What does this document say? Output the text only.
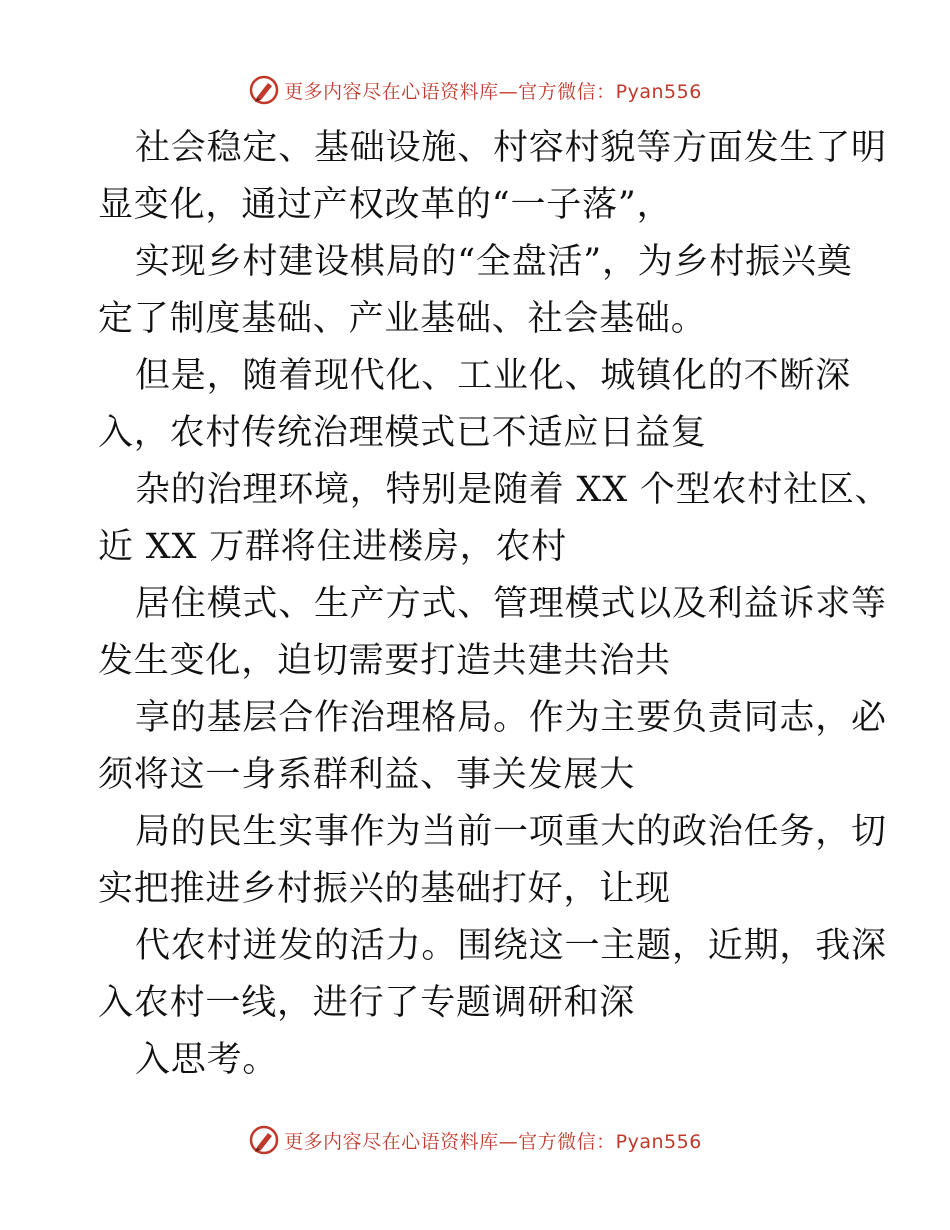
更多内容尽在心语资料库—官方微信：Pyan556

社会稳定、基础设施、村容村貌等方面发生了明
显变化，通过产权改革的“一子落”，

实现乡村建设棋局的“全盘活”，为乡村振兴奠
定了制度基础、产业基础、社会基础。

但是，随着现代化、工业化、城镇化的不断深
入，农村传统治理模式已不适应日益复

杂的治理环境，特别是随着 XX 个型农村社区、
近 XX 万群将住进楼房，农村

居住模式、生产方式、管理模式以及利益诉求等
发生变化，迫切需要打造共建共治共

享的基层合作治理格局。作为主要负责同志，必
须将这一身系群利益、事关发展大

局的民生实事作为当前一项重大的政治任务，切
实把推进乡村振兴的基础打好，让现

代农村迸发的活力。围绕这一主题，近期，我深
入农村一线，进行了专题调研和深

入思考。

更多内容尽在心语资料库—官方微信：Pyan556
